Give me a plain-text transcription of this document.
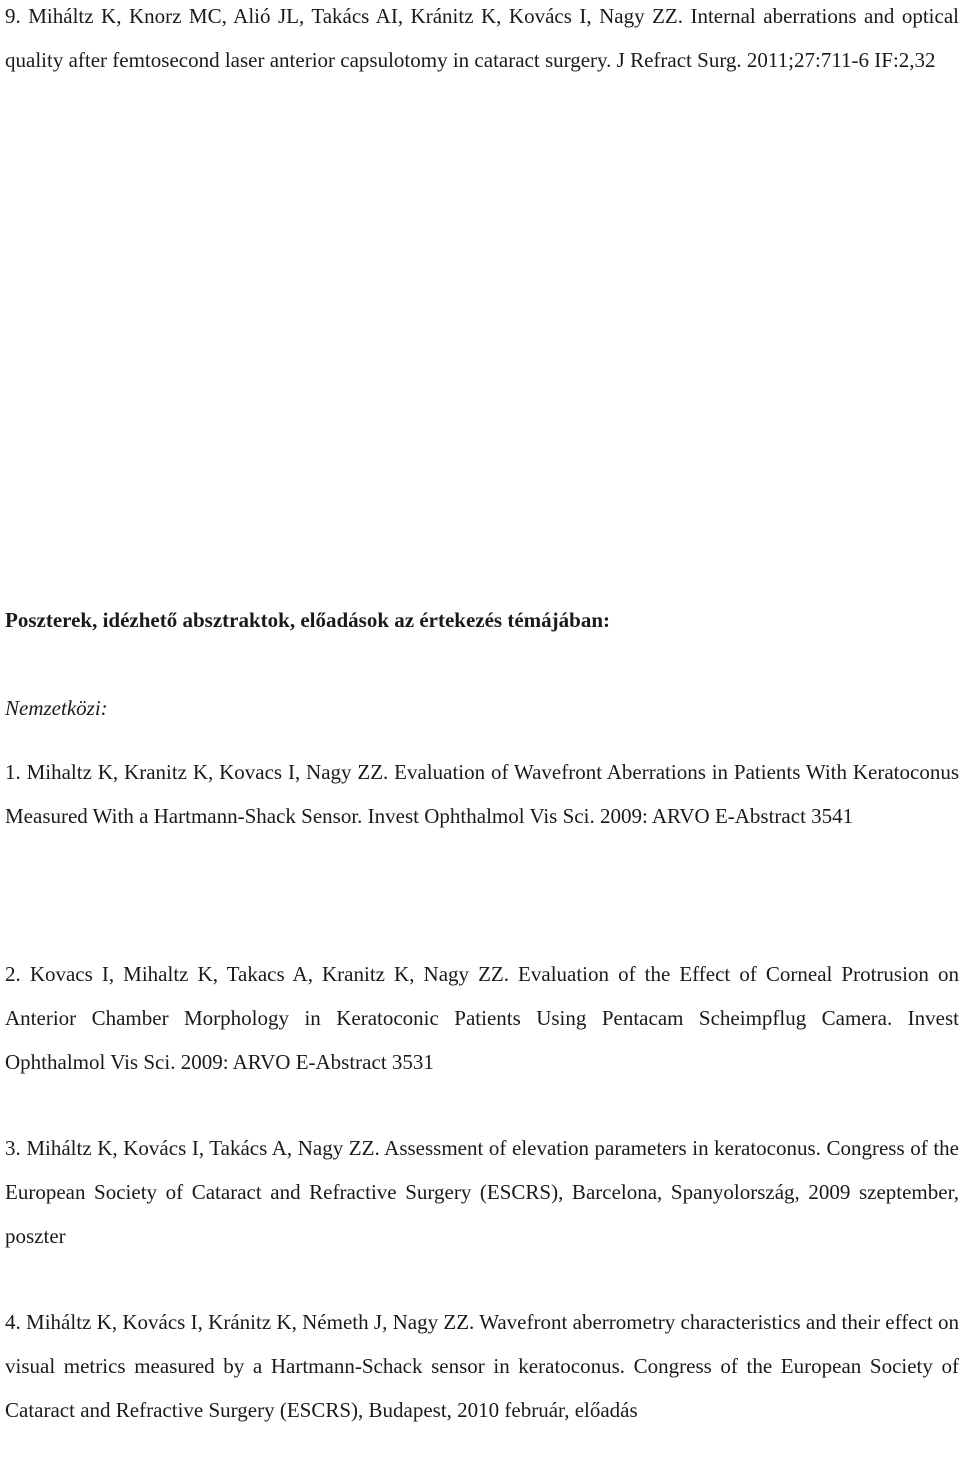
9. Miháltz K, Knorz MC, Alió JL, Takács AI, Kránitz K, Kovács I, Nagy ZZ. Internal aberrations and optical quality after femtosecond laser anterior capsulotomy in cataract surgery. J Refract Surg. 2011;27:711-6 IF:2,32

Poszterek, idézhető absztraktok, előadások az értekezés témájában:

Nemzetközi:

1. Mihaltz K, Kranitz K, Kovacs I, Nagy ZZ. Evaluation of Wavefront Aberrations in Patients With Keratoconus Measured With a Hartmann-Shack Sensor. Invest Ophthalmol Vis Sci. 2009: ARVO E-Abstract 3541

2. Kovacs I, Mihaltz K, Takacs A, Kranitz K, Nagy ZZ. Evaluation of the Effect of Corneal Protrusion on Anterior Chamber Morphology in Keratoconic Patients Using Pentacam Scheimpflug Camera. Invest Ophthalmol Vis Sci. 2009: ARVO E-Abstract 3531

3. Miháltz K, Kovács I, Takács A, Nagy ZZ. Assessment of elevation parameters in keratoconus. Congress of the European Society of Cataract and Refractive Surgery (ESCRS), Barcelona, Spanyolország, 2009 szeptember, poszter

4. Miháltz K, Kovács I, Kránitz K, Németh J, Nagy ZZ. Wavefront aberrometry characteristics and their effect on visual metrics measured by a Hartmann-Schack sensor in keratoconus. Congress of the European Society of Cataract and Refractive Surgery (ESCRS), Budapest, 2010 február, előadás
